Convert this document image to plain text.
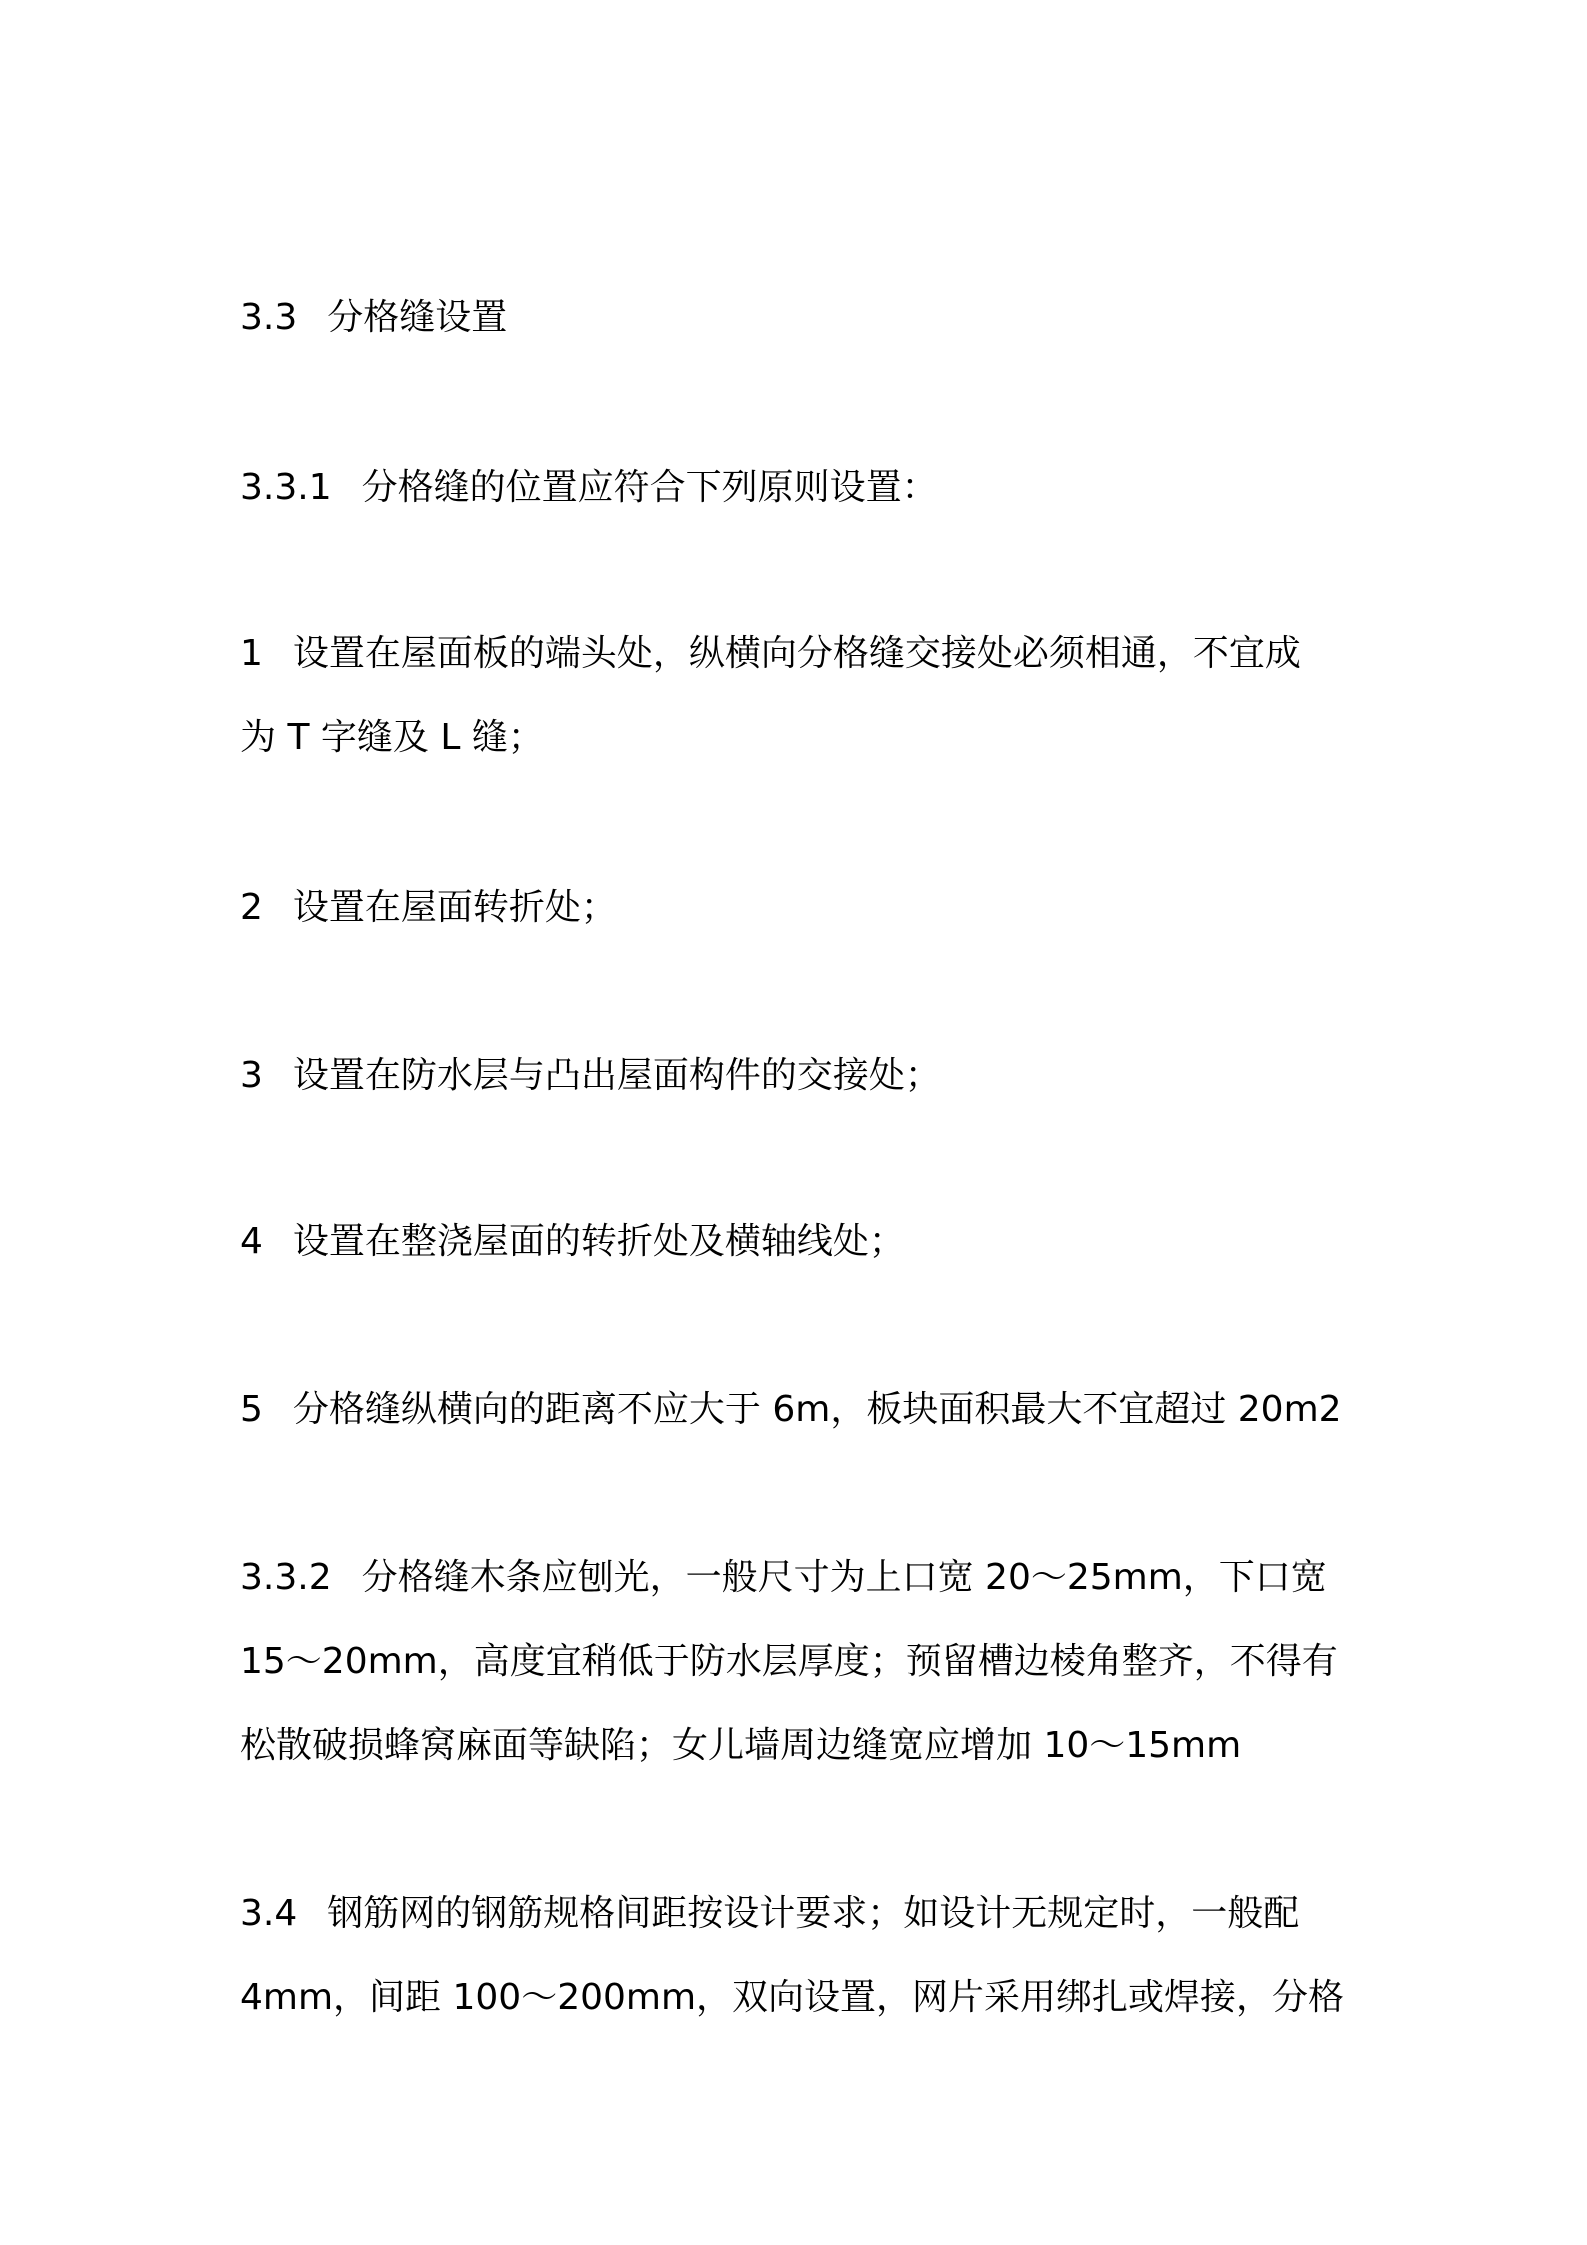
3.3 分格缝设置
3.3.1 分格缝的位置应符合下列原则设置：
1 设置在屋面板的端头处，纵横向分格缝交接处必须相通，不宜成
为 T 字缝及 L 缝；
2 设置在屋面转折处；
3 设置在防水层与凸出屋面构件的交接处；
4 设置在整浇屋面的转折处及横轴线处；
5 分格缝纵横向的距离不应大于 6m，板块面积最大不宜超过 20m2
3.3.2 分格缝木条应刨光，一般尺寸为上口宽 20～25mm，下口宽
15～20mm，高度宜稍低于防水层厚度；预留槽边棱角整齐，不得有
松散破损蜂窝麻面等缺陷；女儿墙周边缝宽应增加 10～15mm
3.4 钢筋网的钢筋规格间距按设计要求；如设计无规定时，一般配
4mm，间距 100～200mm，双向设置，网片采用绑扎或焊接，分格
